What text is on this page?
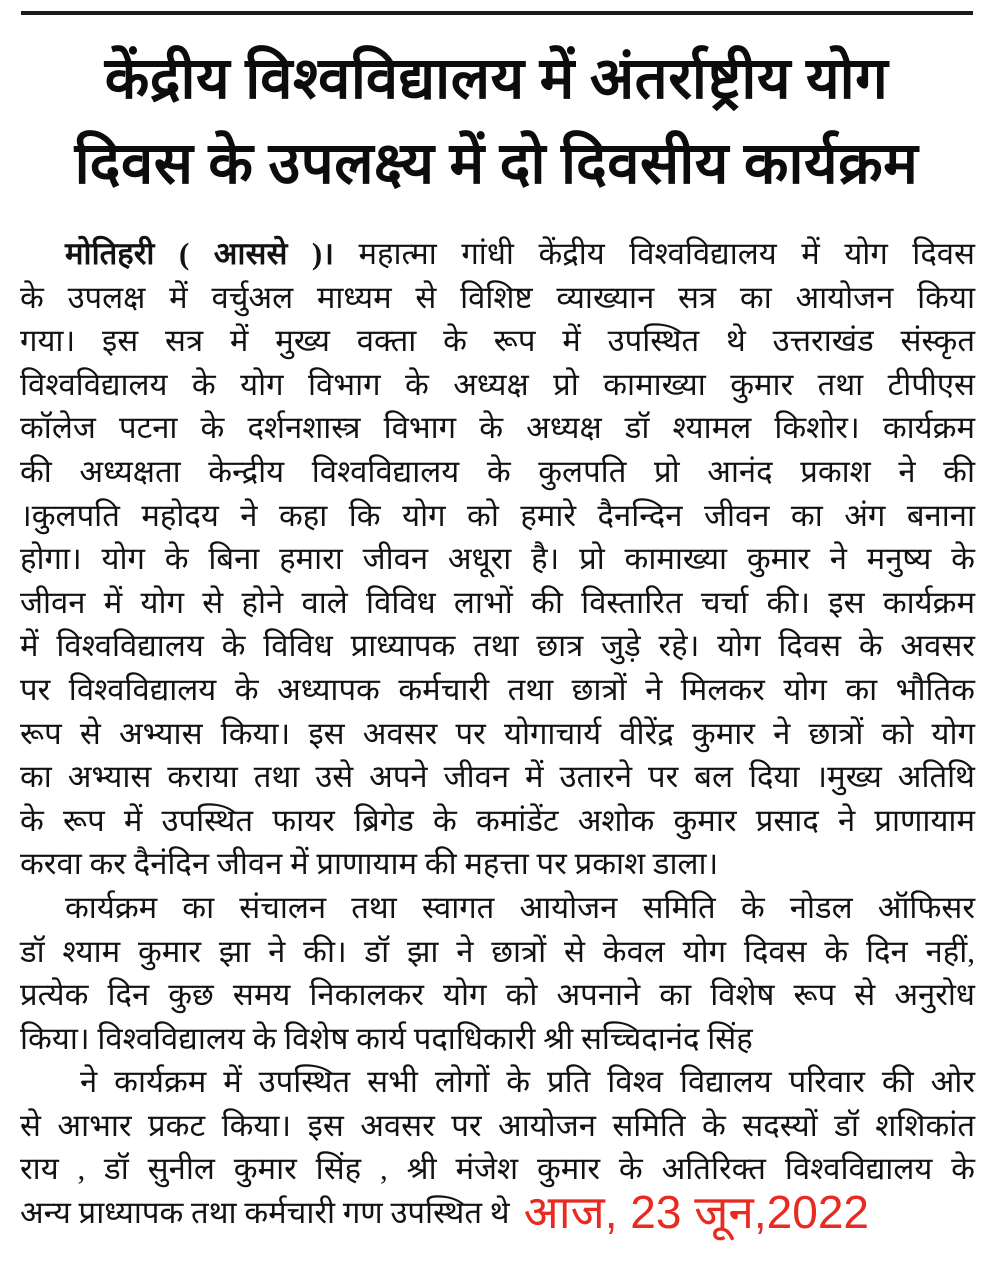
केंद्रीय विश्वविद्यालय में अंतर्राष्ट्रीय योग
दिवस के उपलक्ष्य में दो दिवसीय कार्यक्रम
मोतिहरी ( आससे )। महात्मा गांधी केंद्रीय विश्वविद्यालय में योग दिवस
के उपलक्ष में वर्चुअल माध्यम से विशिष्ट व्याख्यान सत्र का आयोजन किया
गया। इस सत्र में मुख्य वक्ता के रूप में उपस्थित थे उत्तराखंड संस्कृत
विश्वविद्यालय के योग विभाग के अध्यक्ष प्रो कामाख्या कुमार तथा टीपीएस
कॉलेज पटना के दर्शनशास्त्र विभाग के अध्यक्ष डॉ श्यामल किशोर। कार्यक्रम
की अध्यक्षता केन्द्रीय विश्वविद्यालय के कुलपति प्रो आनंद प्रकाश ने की
।कुलपति महोदय ने कहा कि योग को हमारे दैनन्दिन जीवन का अंग बनाना
होगा। योग के बिना हमारा जीवन अधूरा है। प्रो कामाख्या कुमार ने मनुष्य के
जीवन में योग से होने वाले विविध लाभों की विस्तारित चर्चा की। इस कार्यक्रम
में विश्वविद्यालय के विविध प्राध्यापक तथा छात्र जुड़े रहे। योग दिवस के अवसर
पर विश्वविद्यालय के अध्यापक कर्मचारी तथा छात्रों ने मिलकर योग का भौतिक
रूप से अभ्यास किया। इस अवसर पर योगाचार्य वीरेंद्र कुमार ने छात्रों को योग
का अभ्यास कराया तथा उसे अपने जीवन में उतारने पर बल दिया ।मुख्य अतिथि
के रूप में उपस्थित फायर ब्रिगेड के कमांडेंट अशोक कुमार प्रसाद ने प्राणायाम
करवा कर दैनंदिन जीवन में प्राणायाम की महत्ता पर प्रकाश डाला।
कार्यक्रम का संचालन तथा स्वागत आयोजन समिति के नोडल ऑफिसर
डॉ श्याम कुमार झा ने की। डॉ झा ने छात्रों से केवल योग दिवस के दिन नहीं,
प्रत्येक दिन कुछ समय निकालकर योग को अपनाने का विशेष रूप से अनुरोध
किया। विश्वविद्यालय के विशेष कार्य पदाधिकारी श्री सच्चिदानंद सिंह
ने कार्यक्रम में उपस्थित सभी लोगों के प्रति विश्व विद्यालय परिवार की ओर
से आभार प्रकट किया। इस अवसर पर आयोजन समिति के सदस्यों डॉ शशिकांत
राय , डॉ सुनील कुमार सिंह , श्री मंजेश कुमार के अतिरिक्त विश्वविद्यालय के
अन्य प्राध्यापक तथा कर्मचारी गण उपस्थित थे आज, 23 जून,2022
